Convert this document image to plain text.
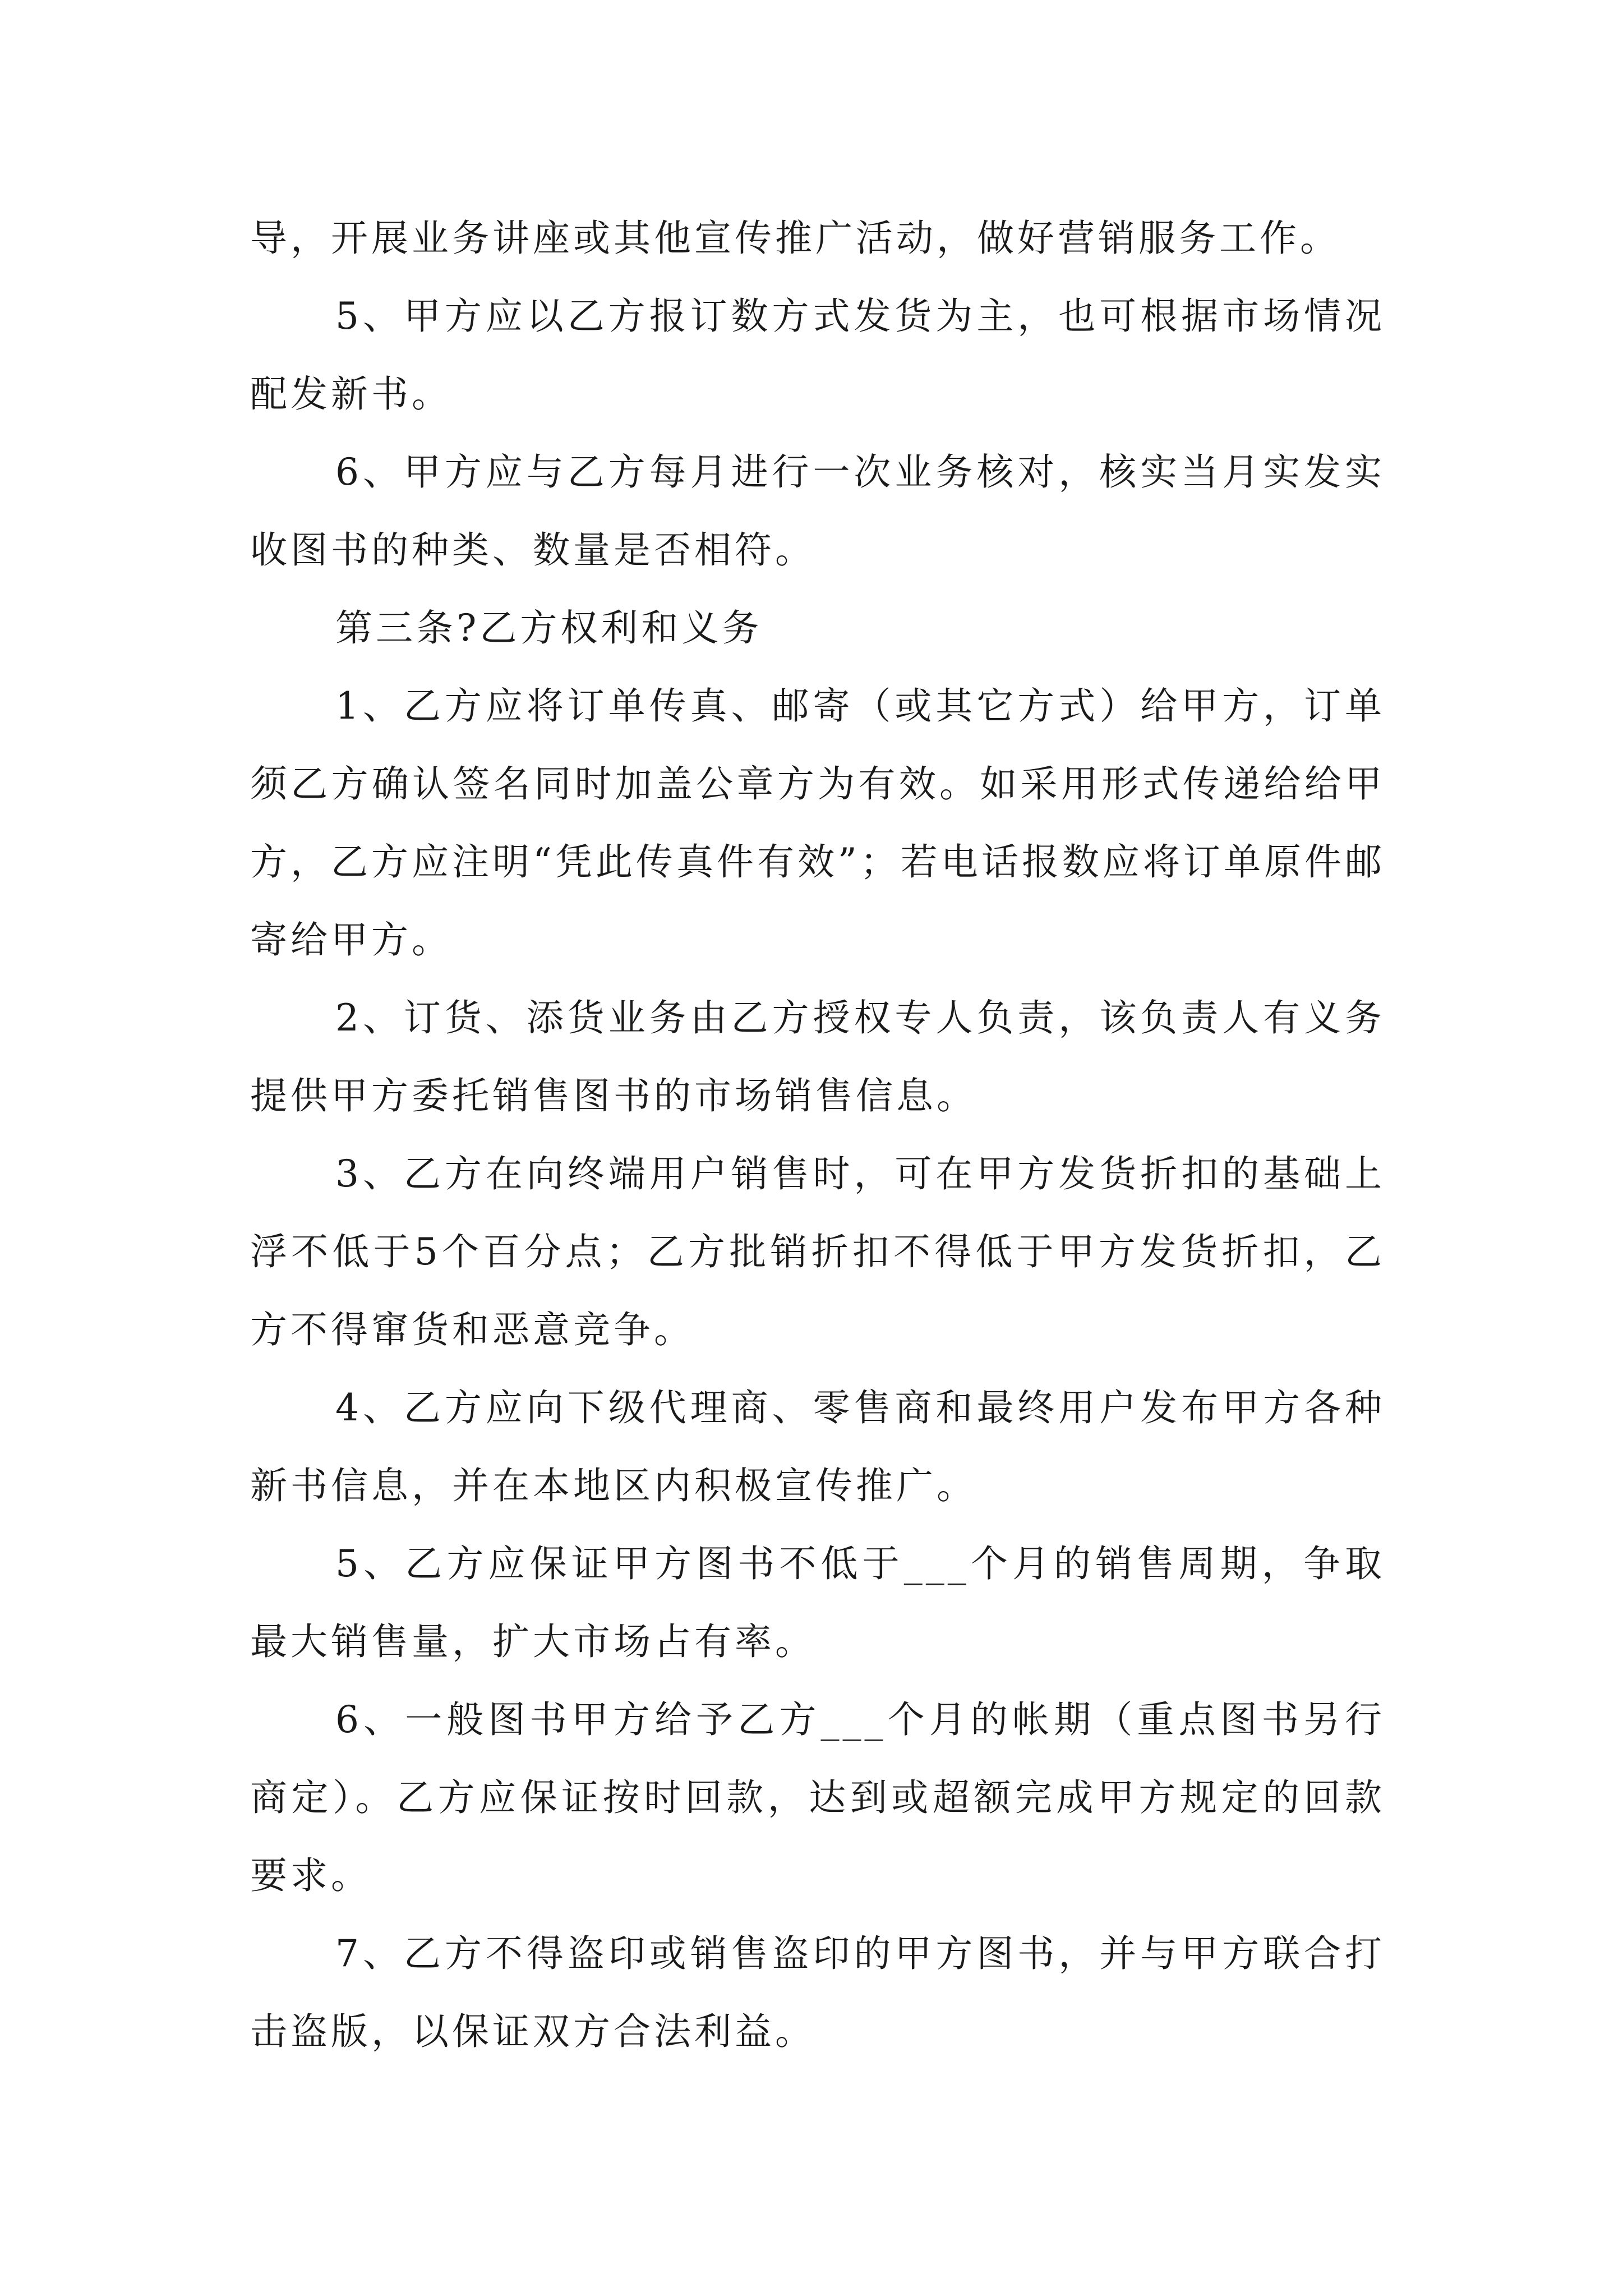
导，开展业务讲座或其他宣传推广活动，做好营销服务工作。

5、甲方应以乙方报订数方式发货为主，也可根据市场情况配发新书。

6、甲方应与乙方每月进行一次业务核对，核实当月实发实收图书的种类、数量是否相符。

第三条?乙方权利和义务

1、乙方应将订单传真、邮寄（或其它方式）给甲方，订单须乙方确认签名同时加盖公章方为有效。如采用形式传递给给甲方，乙方应注明“凭此传真件有效”；若电话报数应将订单原件邮寄给甲方。

2、订货、添货业务由乙方授权专人负责，该负责人有义务提供甲方委托销售图书的市场销售信息。

3、乙方在向终端用户销售时，可在甲方发货折扣的基础上浮不低于5个百分点；乙方批销折扣不得低于甲方发货折扣，乙方不得窜货和恶意竞争。

4、乙方应向下级代理商、零售商和最终用户发布甲方各种新书信息，并在本地区内积极宣传推广。

5、乙方应保证甲方图书不低于___个月的销售周期，争取最大销售量，扩大市场占有率。

6、一般图书甲方给予乙方___个月的帐期（重点图书另行商定）。乙方应保证按时回款，达到或超额完成甲方规定的回款要求。

7、乙方不得盗印或销售盗印的甲方图书，并与甲方联合打击盗版，以保证双方合法利益。
